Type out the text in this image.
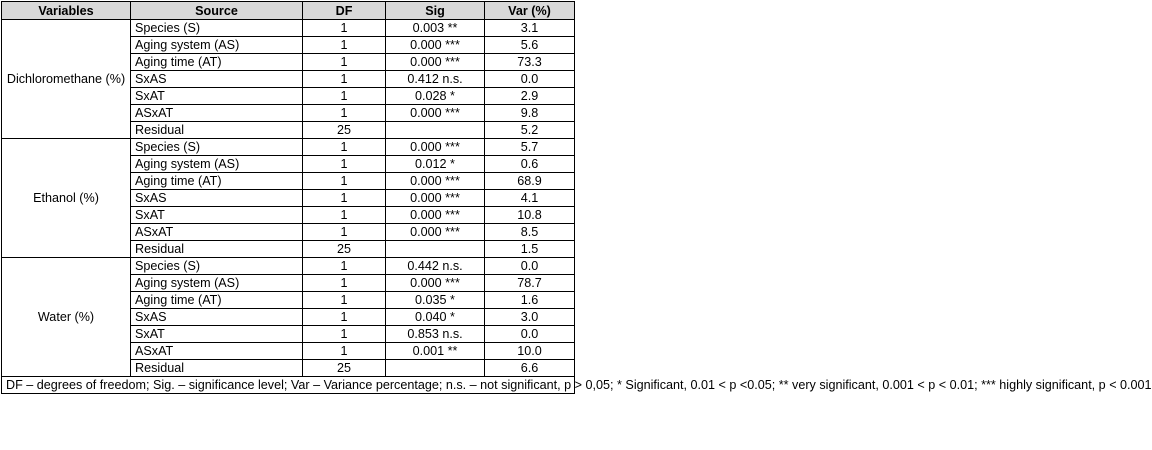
Variables	Source	DF	Sig	Var (%)
Dichloromethane (%)	Species (S)	1	0.003 **	3.1
	Aging system (AS)	1	0.000 ***	5.6
	Aging time (AT)	1	0.000 ***	73.3
	SxAS	1	0.412 n.s.	0.0
	SxAT	1	0.028 *	2.9
	ASxAT	1	0.000 ***	9.8
	Residual	25		5.2
Ethanol (%)	Species (S)	1	0.000 ***	5.7
	Aging system (AS)	1	0.012 *	0.6
	Aging time (AT)	1	0.000 ***	68.9
	SxAS	1	0.000 ***	4.1
	SxAT	1	0.000 ***	10.8
	ASxAT	1	0.000 ***	8.5
	Residual	25		1.5
Water (%)	Species (S)	1	0.442 n.s.	0.0
	Aging system (AS)	1	0.000 ***	78.7
	Aging time (AT)	1	0.035 *	1.6
	SxAS	1	0.040 *	3.0
	SxAT	1	0.853 n.s.	0.0
	ASxAT	1	0.001 **	10.0
	Residual	25		6.6
DF – degrees of freedom; Sig. – significance level; Var – Variance percentage; n.s. – not significant, p > 0,05; * Significant, 0.01 < p <0.05; ** very significant, 0.001 < p < 0.01; *** highly significant, p < 0.001				
